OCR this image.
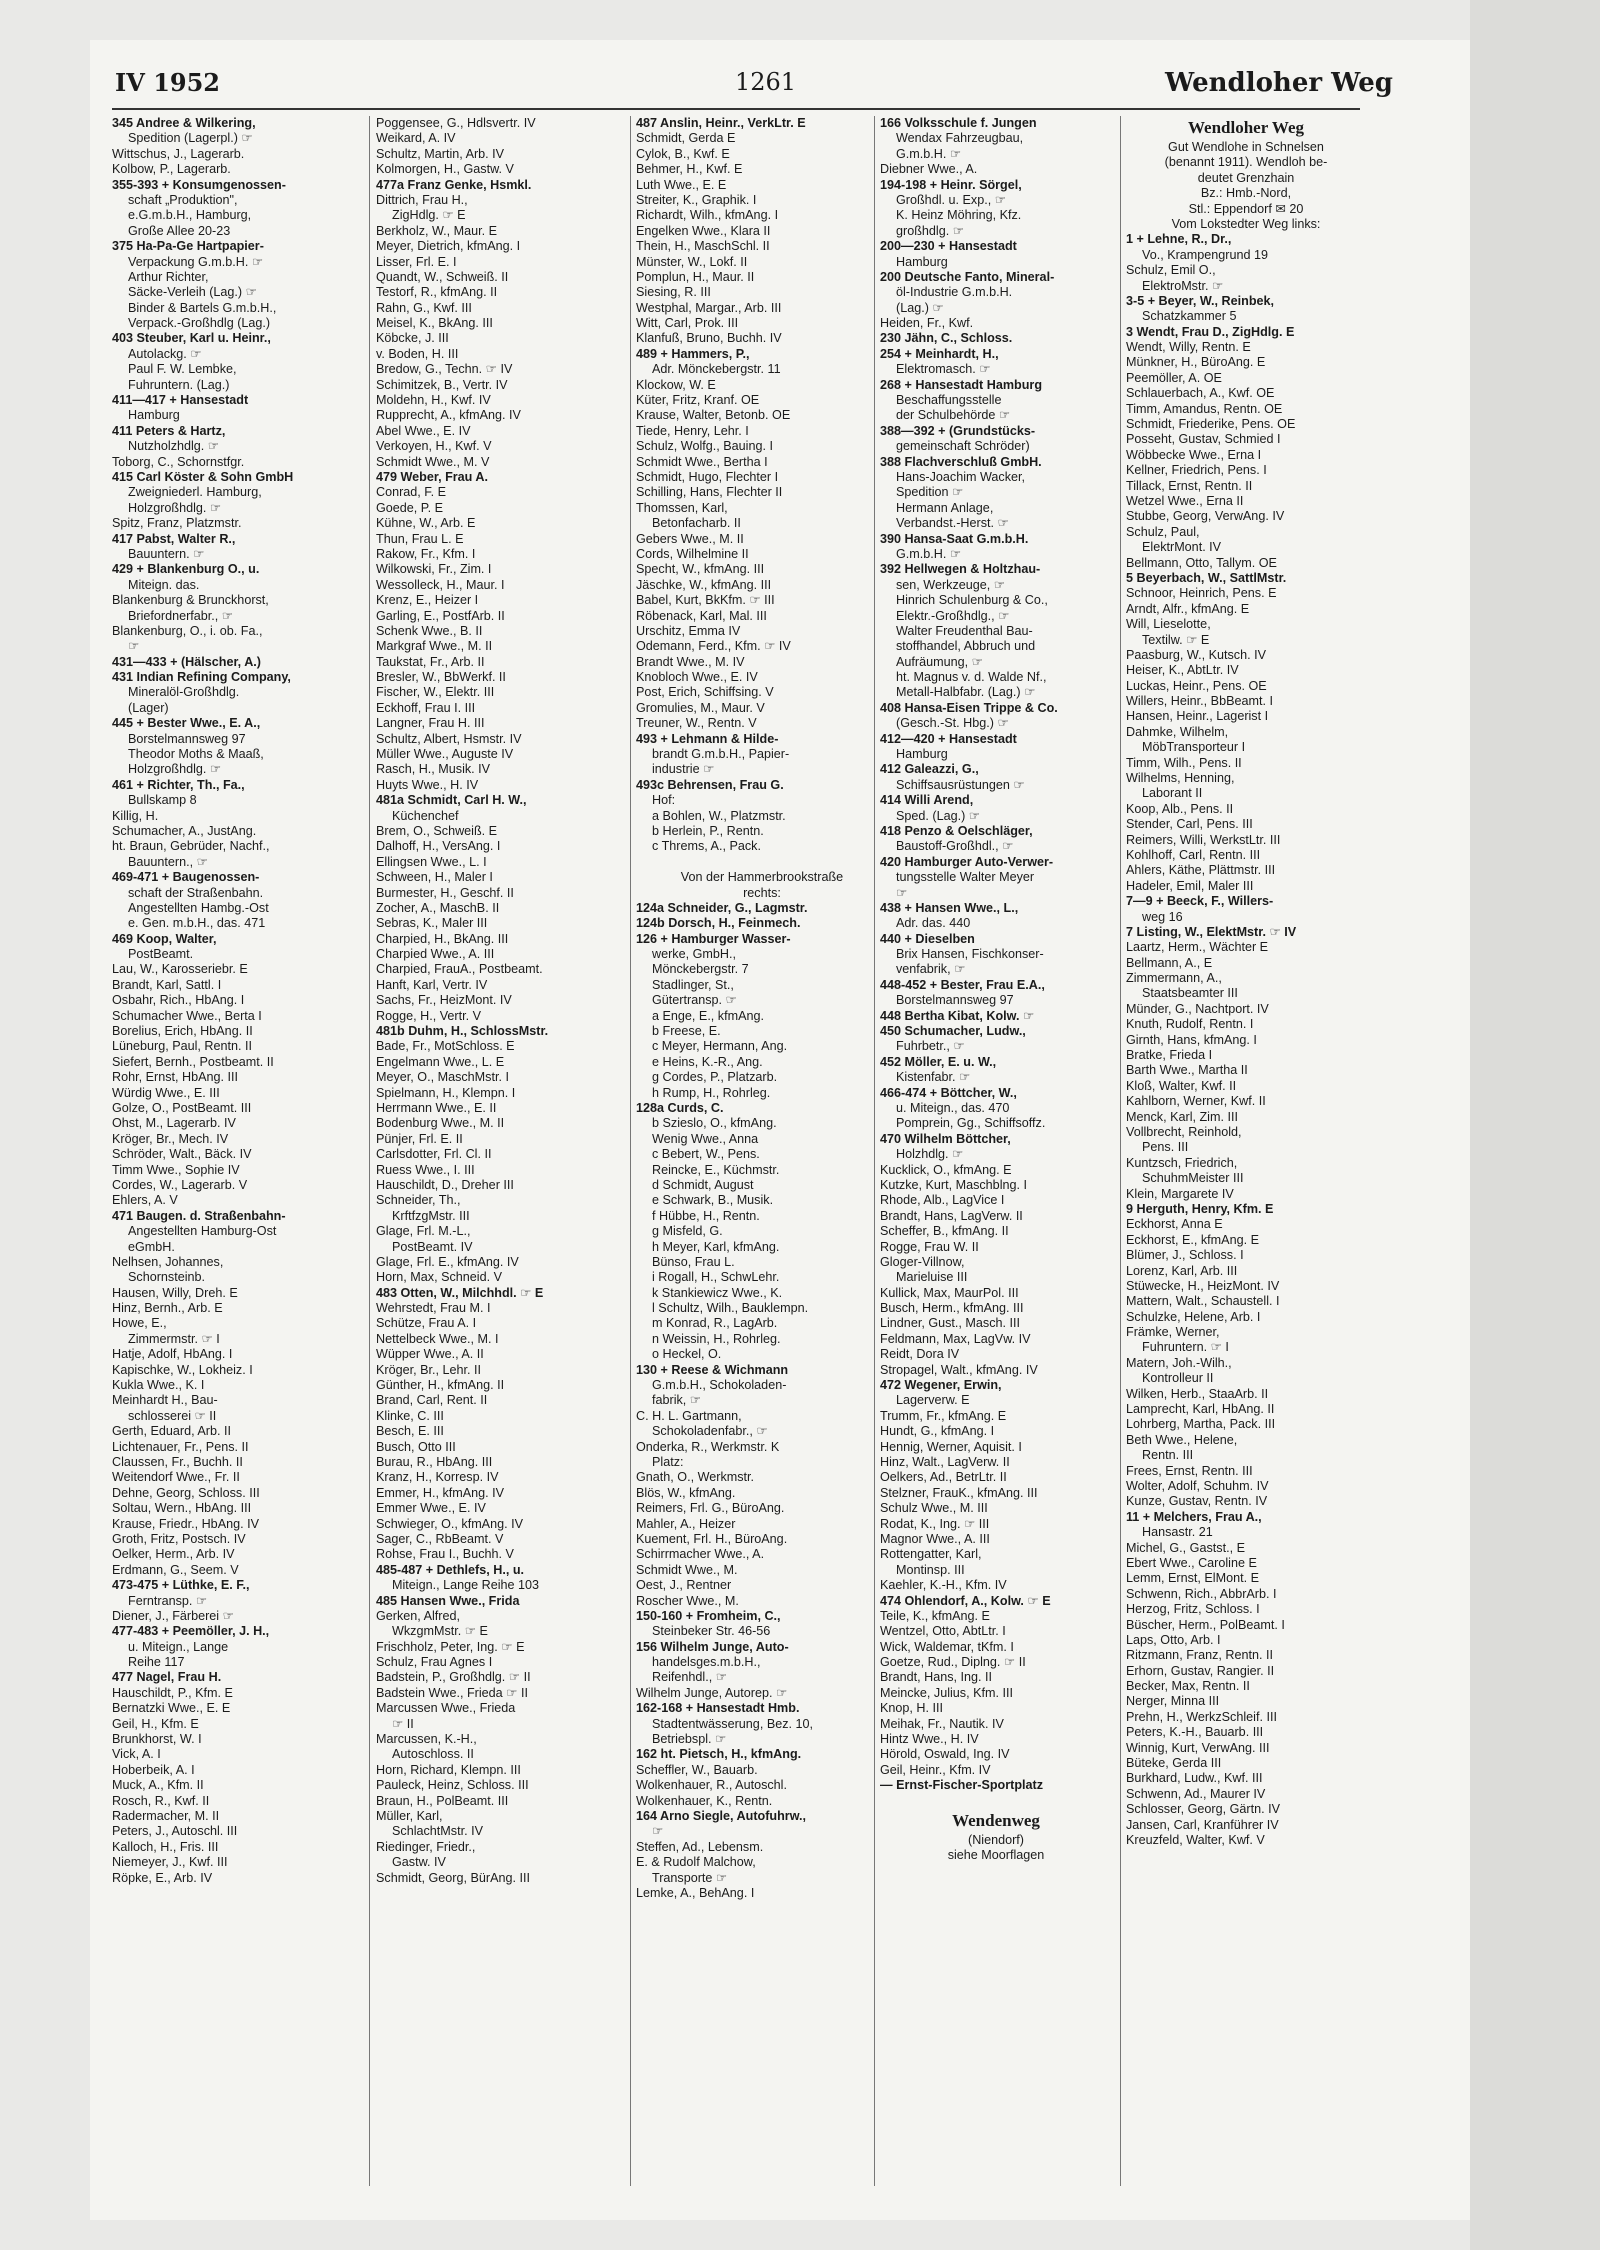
IV 1952	1261	Wendloher Weg
345 Andree & Wilkering,
Spedition (Lagerpl.) ☞
Wittschus, J., Lagerarb.
Kolbow, P., Lagerarb.
355-393 + Konsumgenossen-
schaft „Produktion",
e.G.m.b.H., Hamburg,
Große Allee 20-23
375 Ha-Pa-Ge Hartpapier-
Verpackung G.m.b.H. ☞
Arthur Richter,
Säcke-Verleih (Lag.) ☞
Binder & Bartels G.m.b.H.,
Verpack.-Großhdlg (Lag.)
403 Steuber, Karl u. Heinr.,
Autolackg. ☞
Paul F. W. Lembke,
Fuhruntern. (Lag.)
411—417 + Hansestadt
Hamburg
411 Peters & Hartz,
Nutzholzhdlg. ☞
Toborg, C., Schornstfgr.
415 Carl Köster & Sohn GmbH
Zweigniederl. Hamburg,
Holzgroßhdlg. ☞
Spitz, Franz, Platzmstr.
417 Pabst, Walter R.,
Bauuntern. ☞
429 + Blankenburg O., u.
Miteign. das.
Blankenburg & Brunckhorst,
Briefordnerfabr., ☞
Blankenburg, O., i. ob. Fa.,
☞
431—433 + (Hälscher, A.)
431 Indian Refining Company,
Mineralöl-Großhdlg.
(Lager)
445 + Bester Wwe., E. A.,
Borstelmannsweg 97
Theodor Moths & Maaß,
Holzgroßhdlg. ☞
461 + Richter, Th., Fa.,
Bullskamp 8
Killig, H.
Schumacher, A., JustAng.
ht. Braun, Gebrüder, Nachf.,
Bauuntern., ☞
469-471 + Baugenossen-
schaft der Straßenbahn.
Angestellten Hambg.-Ost
e. Gen. m.b.H., das. 471
469 Koop, Walter,
PostBeamt.
Lau, W., Karosseriebr. E
Brandt, Karl, Sattl. I
Osbahr, Rich., HbAng. I
Schumacher Wwe., Berta I
Borelius, Erich, HbAng. II
Lüneburg, Paul, Rentn. II
Siefert, Bernh., Postbeamt. II
Rohr, Ernst, HbAng. III
Würdig Wwe., E. III
Golze, O., PostBeamt. III
Ohst, M., Lagerarb. IV
Kröger, Br., Mech. IV
Schröder, Walt., Bäck. IV
Timm Wwe., Sophie IV
Cordes, W., Lagerarb. V
Ehlers, A. V
471 Baugen. d. Straßenbahn-
Angestellten Hamburg-Ost
eGmbH.
Nelhsen, Johannes,
Schornsteinb.
Hausen, Willy, Dreh. E
Hinz, Bernh., Arb. E
Howe, E.,
Zimmermstr. ☞ I
Hatje, Adolf, HbAng. I
Kapischke, W., Lokheiz. I
Kukla Wwe., K. I
Meinhardt H., Bau-
schlosserei ☞ II
Gerth, Eduard, Arb. II
Lichtenauer, Fr., Pens. II
Claussen, Fr., Buchh. II
Weitendorf Wwe., Fr. II
Dehne, Georg, Schloss. III
Soltau, Wern., HbAng. III
Krause, Friedr., HbAng. IV
Groth, Fritz, Postsch. IV
Oelker, Herm., Arb. IV
Erdmann, G., Seem. V
473-475 + Lüthke, E. F.,
Ferntransp. ☞
Diener, J., Färberei ☞
477-483 + Peemöller, J. H.,
u. Miteign., Lange
Reihe 117
477 Nagel, Frau H.
Hauschildt, P., Kfm. E
Bernatzki Wwe., E. E
Geil, H., Kfm. E
Brunkhorst, W. I
Vick, A. I
Hoberbeik, A. I
Muck, A., Kfm. II
Rosch, R., Kwf. II
Radermacher, M. II
Peters, J., Autoschl. III
Kalloch, H., Fris. III
Niemeyer, J., Kwf. III
Röpke, E., Arb. IV
Poggensee, G., Hdlsvertr. IV
Weikard, A. IV
Schultz, Martin, Arb. IV
Kolmorgen, H., Gastw. V
477a Franz Genke, Hsmkl.
Dittrich, Frau H.,
ZigHdlg. ☞ E
Berkholz, W., Maur. E
Meyer, Dietrich, kfmAng. I
Lisser, Frl. E. I
Quandt, W., Schweiß. II
Testorf, R., kfmAng. II
Rahn, G., Kwf. III
Meisel, K., BkAng. III
Köbcke, J. III
v. Boden, H. III
Bredow, G., Techn. ☞ IV
Schimitzek, B., Vertr. IV
Moldehn, H., Kwf. IV
Rupprecht, A., kfmAng. IV
Abel Wwe., E. IV
Verkoyen, H., Kwf. V
Schmidt Wwe., M. V
479 Weber, Frau A.
Conrad, F. E
Goede, P. E
Kühne, W., Arb. E
Thun, Frau L. E
Rakow, Fr., Kfm. I
Wilkowski, Fr., Zim. I
Wessolleck, H., Maur. I
Krenz, E., Heizer I
Garling, E., PostfArb. II
Schenk Wwe., B. II
Markgraf Wwe., M. II
Taukstat, Fr., Arb. II
Bresler, W., BbWerkf. II
Fischer, W., Elektr. III
Eckhoff, Frau I. III
Langner, Frau H. III
Schultz, Albert, Hsmstr. IV
Müller Wwe., Auguste IV
Rasch, H., Musik. IV
Huyts Wwe., H. IV
481a Schmidt, Carl H. W.,
Küchenchef
Brem, O., Schweiß. E
Dalhoff, H., VersAng. I
Ellingsen Wwe., L. I
Schween, H., Maler I
Burmester, H., Geschf. II
Zocher, A., MaschB. II
Sebras, K., Maler III
Charpied, H., BkAng. III
Charpied Wwe., A. III
Charpied, FrauA., Postbeamt.
Hanft, Karl, Vertr. IV
Sachs, Fr., HeizMont. IV
Rogge, H., Vertr. V
481b Duhm, H., SchlossMstr.
Bade, Fr., MotSchloss. E
Engelmann Wwe., L. E
Meyer, O., MaschMstr. I
Spielmann, H., Klempn. I
Herrmann Wwe., E. II
Bodenburg Wwe., M. II
Pünjer, Frl. E. II
Carlsdotter, Frl. Cl. II
Ruess Wwe., I. III
Hauschildt, D., Dreher III
Schneider, Th.,
KrftfzgMstr. III
Glage, Frl. M.-L.,
PostBeamt. IV
Glage, Frl. E., kfmAng. IV
Horn, Max, Schneid. V
483 Otten, W., Milchhdl. ☞ E
Wehrstedt, Frau M. I
Schütze, Frau A. I
Nettelbeck Wwe., M. I
Wüpper Wwe., A. II
Kröger, Br., Lehr. II
Günther, H., kfmAng. II
Brand, Carl, Rent. II
Klinke, C. III
Besch, E. III
Busch, Otto III
Burau, R., HbAng. III
Kranz, H., Korresp. IV
Emmer, H., kfmAng. IV
Emmer Wwe., E. IV
Schwieger, O., kfmAng. IV
Sager, C., RbBeamt. V
Rohse, Frau I., Buchh. V
485-487 + Dethlefs, H., u.
Miteign., Lange Reihe 103
485 Hansen Wwe., Frida
Gerken, Alfred,
WkzgmMstr. ☞ E
Frischholz, Peter, Ing. ☞ E
Schulz, Frau Agnes I
Badstein, P., Großhdlg. ☞ II
Badstein Wwe., Frieda ☞ II
Marcussen Wwe., Frieda
☞ II
Marcussen, K.-H.,
Autoschloss. II
Horn, Richard, Klempn. III
Pauleck, Heinz, Schloss. III
Braun, H., PolBeamt. III
Müller, Karl,
SchlachtMstr. IV
Riedinger, Friedr.,
Gastw. IV
Schmidt, Georg, BürAng. III
487 Anslin, Heinr., VerkLtr. E
Schmidt, Gerda E
Cylok, B., Kwf. E
Behmer, H., Kwf. E
Luth Wwe., E. E
Streiter, K., Graphik. I
Richardt, Wilh., kfmAng. I
Engelken Wwe., Klara II
Thein, H., MaschSchl. II
Münster, W., Lokf. II
Pomplun, H., Maur. II
Siesing, R. III
Westphal, Margar., Arb. III
Witt, Carl, Prok. III
Klanfuß, Bruno, Buchh. IV
489 + Hammers, P.,
Adr. Mönckebergstr. 11
Klockow, W. E
Küter, Fritz, Kranf. OE
Krause, Walter, Betonb. OE
Tiede, Henry, Lehr. I
Schulz, Wolfg., Bauing. I
Schmidt Wwe., Bertha I
Schmidt, Hugo, Flechter I
Schilling, Hans, Flechter II
Thomssen, Karl,
Betonfacharb. II
Gebers Wwe., M. II
Cords, Wilhelmine II
Specht, W., kfmAng. III
Jäschke, W., kfmAng. III
Babel, Kurt, BkKfm. ☞ III
Röbenack, Karl, Mal. III
Urschitz, Emma IV
Odemann, Ferd., Kfm. ☞ IV
Brandt Wwe., M. IV
Knobloch Wwe., E. IV
Post, Erich, Schiffsing. V
Gromulies, M., Maur. V
Treuner, W., Rentn. V
493 + Lehmann & Hilde-
brandt G.m.b.H., Papier-
industrie ☞
493c Behrensen, Frau G.
Hof:
a Bohlen, W., Platzmstr.
b Herlein, P., Rentn.
c Threms, A., Pack.
Von der Hammerbrookstraße
rechts:
124a Schneider, G., Lagmstr.
124b Dorsch, H., Feinmech.
126 + Hamburger Wasser-
werke, GmbH.,
Mönckebergstr. 7
Stadlinger, St.,
Gütertransp. ☞
a Enge, E., kfmAng.
b Freese, E.
c Meyer, Hermann, Ang.
e Heins, K.-R., Ang.
g Cordes, P., Platzarb.
h Rump, H., Rohrleg.
128a Curds, C.
b Szieslo, O., kfmAng.
Wenig Wwe., Anna
c Bebert, W., Pens.
Reincke, E., Küchmstr.
d Schmidt, August
e Schwark, B., Musik.
f Hübbe, H., Rentn.
g Misfeld, G.
h Meyer, Karl, kfmAng.
Bünso, Frau L.
i Rogall, H., SchwLehr.
k Stankiewicz Wwe., K.
l Schultz, Wilh., Bauklempn.
m Konrad, R., LagArb.
n Weissin, H., Rohrleg.
o Heckel, O.
130 + Reese & Wichmann
G.m.b.H., Schokoladen-
fabrik, ☞
C. H. L. Gartmann,
Schokoladenfabr., ☞
Onderka, R., Werkmstr. K
Platz:
Gnath, O., Werkmstr.
Blös, W., kfmAng.
Reimers, Frl. G., BüroAng.
Mahler, A., Heizer
Kuement, Frl. H., BüroAng.
Schirrmacher Wwe., A.
Schmidt Wwe., M.
Oest, J., Rentner
Roscher Wwe., M.
150-160 + Fromheim, C.,
Steinbeker Str. 46-56
156 Wilhelm Junge, Auto-
handelsges.m.b.H.,
Reifenhdl., ☞
Wilhelm Junge, Autorep. ☞
162-168 + Hansestadt Hmb.
Stadtentwässerung, Bez. 10,
Betriebspl. ☞
162 ht. Pietsch, H., kfmAng.
Scheffler, W., Bauarb.
Wolkenhauer, R., Autoschl.
Wolkenhauer, K., Rentn.
164 Arno Siegle, Autofuhrw.,
☞
Steffen, Ad., Lebensm.
E. & Rudolf Malchow,
Transporte ☞
Lemke, A., BehAng. I
166 Volksschule f. Jungen
Wendax Fahrzeugbau,
G.m.b.H. ☞
Diebner Wwe., A.
194-198 + Heinr. Sörgel,
Großhdl. u. Exp., ☞
K. Heinz Möhring, Kfz.
großhdlg. ☞
200—230 + Hansestadt
Hamburg
200 Deutsche Fanto, Mineral-
öl-Industrie G.m.b.H.
(Lag.) ☞
Heiden, Fr., Kwf.
230 Jähn, C., Schloss.
254 + Meinhardt, H.,
Elektromasch. ☞
268 + Hansestadt Hamburg
Beschaffungsstelle
der Schulbehörde ☞
388—392 + (Grundstücks-
gemeinschaft Schröder)
388 Flachverschluß GmbH.
Hans-Joachim Wacker,
Spedition ☞
Hermann Anlage,
Verbandst.-Herst. ☞
390 Hansa-Saat G.m.b.H.
G.m.b.H. ☞
392 Hellwegen & Holtzhau-
sen, Werkzeuge, ☞
Hinrich Schulenburg & Co.,
Elektr.-Großhdlg., ☞
Walter Freudenthal Bau-
stoffhandel, Abbruch und
Aufräumung, ☞
ht. Magnus v. d. Walde Nf.,
Metall-Halbfabr. (Lag.) ☞
408 Hansa-Eisen Trippe & Co.
(Gesch.-St. Hbg.) ☞
412—420 + Hansestadt
Hamburg
412 Galeazzi, G.,
Schiffsausrüstungen ☞
414 Willi Arend,
Sped. (Lag.) ☞
418 Penzo & Oelschläger,
Baustoff-Großhdl., ☞
420 Hamburger Auto-Verwer-
tungsstelle Walter Meyer
☞
438 + Hansen Wwe., L.,
Adr. das. 440
440 + Dieselben
Brix Hansen, Fischkonser-
venfabrik, ☞
448-452 + Bester, Frau E.A.,
Borstelmannsweg 97
448 Bertha Kibat, Kolw. ☞
450 Schumacher, Ludw.,
Fuhrbetr., ☞
452 Möller, E. u. W.,
Kistenfabr. ☞
466-474 + Böttcher, W.,
u. Miteign., das. 470
Pomprein, Gg., Schiffsoffz.
470 Wilhelm Böttcher,
Holzhdlg. ☞
Kucklick, O., kfmAng. E
Kutzke, Kurt, Maschblng. I
Rhode, Alb., LagVice I
Brandt, Hans, LagVerw. II
Scheffer, B., kfmAng. II
Rogge, Frau W. II
Gloger-Villnow,
Marieluise III
Kullick, Max, MaurPol. III
Busch, Herm., kfmAng. III
Lindner, Gust., Masch. III
Feldmann, Max, LagVw. IV
Reidt, Dora IV
Stropagel, Walt., kfmAng. IV
472 Wegener, Erwin,
Lagerverw. E
Trumm, Fr., kfmAng. E
Hundt, G., kfmAng. I
Hennig, Werner, Aquisit. I
Hinz, Walt., LagVerw. II
Oelkers, Ad., BetrLtr. II
Stelzner, FrauK., kfmAng. III
Schulz Wwe., M. III
Rodat, K., Ing. ☞ III
Magnor Wwe., A. III
Rottengatter, Karl,
Montinsp. III
Kaehler, K.-H., Kfm. IV
474 Ohlendorf, A., Kolw. ☞ E
Teile, K., kfmAng. E
Wentzel, Otto, AbtLtr. I
Wick, Waldemar, tKfm. I
Goetze, Rud., Diplng. ☞ II
Brandt, Hans, Ing. II
Meincke, Julius, Kfm. III
Knop, H. III
Meihak, Fr., Nautik. IV
Hintz Wwe., H. IV
Hörold, Oswald, Ing. IV
Geil, Heinr., Kfm. IV
— Ernst-Fischer-Sportplatz
Wendenweg
(Niendorf)
siehe Moorflagen
Wendloher Weg
Gut Wendlohe in Schnelsen
(benannt 1911). Wendloh be-
deutet Grenzhain
Bz.: Hmb.-Nord,
Stl.: Eppendorf ✉ 20
Vom Lokstedter Weg links:
1 + Lehne, R., Dr.,
Vo., Krampengrund 19
Schulz, Emil O.,
ElektroMstr. ☞
3-5 + Beyer, W., Reinbek,
Schatzkammer 5
3 Wendt, Frau D., ZigHdlg. E
Wendt, Willy, Rentn. E
Münkner, H., BüroAng. E
Peemöller, A. OE
Schlauerbach, A., Kwf. OE
Timm, Amandus, Rentn. OE
Schmidt, Friederike, Pens. OE
Posseht, Gustav, Schmied I
Wöbbecke Wwe., Erna I
Kellner, Friedrich, Pens. I
Tillack, Ernst, Rentn. II
Wetzel Wwe., Erna II
Stubbe, Georg, VerwAng. IV
Schulz, Paul,
ElektrMont. IV
Bellmann, Otto, Tallym. OE
5 Beyerbach, W., SattlMstr.
Schnoor, Heinrich, Pens. E
Arndt, Alfr., kfmAng. E
Will, Lieselotte,
Textilw. ☞ E
Paasburg, W., Kutsch. IV
Heiser, K., AbtLtr. IV
Luckas, Heinr., Pens. OE
Willers, Heinr., BbBeamt. I
Hansen, Heinr., Lagerist I
Dahmke, Wilhelm,
MöbTransporteur I
Timm, Wilh., Pens. II
Wilhelms, Henning,
Laborant II
Koop, Alb., Pens. II
Stender, Carl, Pens. III
Reimers, Willi, WerkstLtr. III
Kohlhoff, Carl, Rentn. III
Ahlers, Käthe, Plättmstr. III
Hadeler, Emil, Maler III
7—9 + Beeck, F., Willers-
weg 16
7 Listing, W., ElektMstr. ☞ IV
Laartz, Herm., Wächter E
Bellmann, A., E
Zimmermann, A.,
Staatsbeamter III
Münder, G., Nachtport. IV
Knuth, Rudolf, Rentn. I
Girnth, Hans, kfmAng. I
Bratke, Frieda I
Barth Wwe., Martha II
Kloß, Walter, Kwf. II
Kahlborn, Werner, Kwf. II
Menck, Karl, Zim. III
Vollbrecht, Reinhold,
Pens. III
Kuntzsch, Friedrich,
SchuhmMeister III
Klein, Margarete IV
9 Herguth, Henry, Kfm. E
Eckhorst, Anna E
Eckhorst, E., kfmAng. E
Blümer, J., Schloss. I
Lorenz, Karl, Arb. III
Stüwecke, H., HeizMont. IV
Mattern, Walt., Schaustell. I
Schulzke, Helene, Arb. I
Främke, Werner,
Fuhruntern. ☞ I
Matern, Joh.-Wilh.,
Kontrolleur II
Wilken, Herb., StaaArb. II
Lamprecht, Karl, HbAng. II
Lohrberg, Martha, Pack. III
Beth Wwe., Helene,
Rentn. III
Frees, Ernst, Rentn. III
Wolter, Adolf, Schuhm. IV
Kunze, Gustav, Rentn. IV
11 + Melchers, Frau A.,
Hansastr. 21
Michel, G., Gastst., E
Ebert Wwe., Caroline E
Lemm, Ernst, ElMont. E
Schwenn, Rich., AbbrArb. I
Herzog, Fritz, Schloss. I
Büscher, Herm., PolBeamt. I
Laps, Otto, Arb. I
Ritzmann, Franz, Rentn. II
Erhorn, Gustav, Rangier. II
Becker, Max, Rentn. II
Nerger, Minna III
Prehn, H., WerkzSchleif. III
Peters, K.-H., Bauarb. III
Winnig, Kurt, VerwAng. III
Büteke, Gerda III
Burkhard, Ludw., Kwf. III
Schwenn, Ad., Maurer IV
Schlosser, Georg, Gärtn. IV
Jansen, Carl, Kranführer IV
Kreuzfeld, Walter, Kwf. V
